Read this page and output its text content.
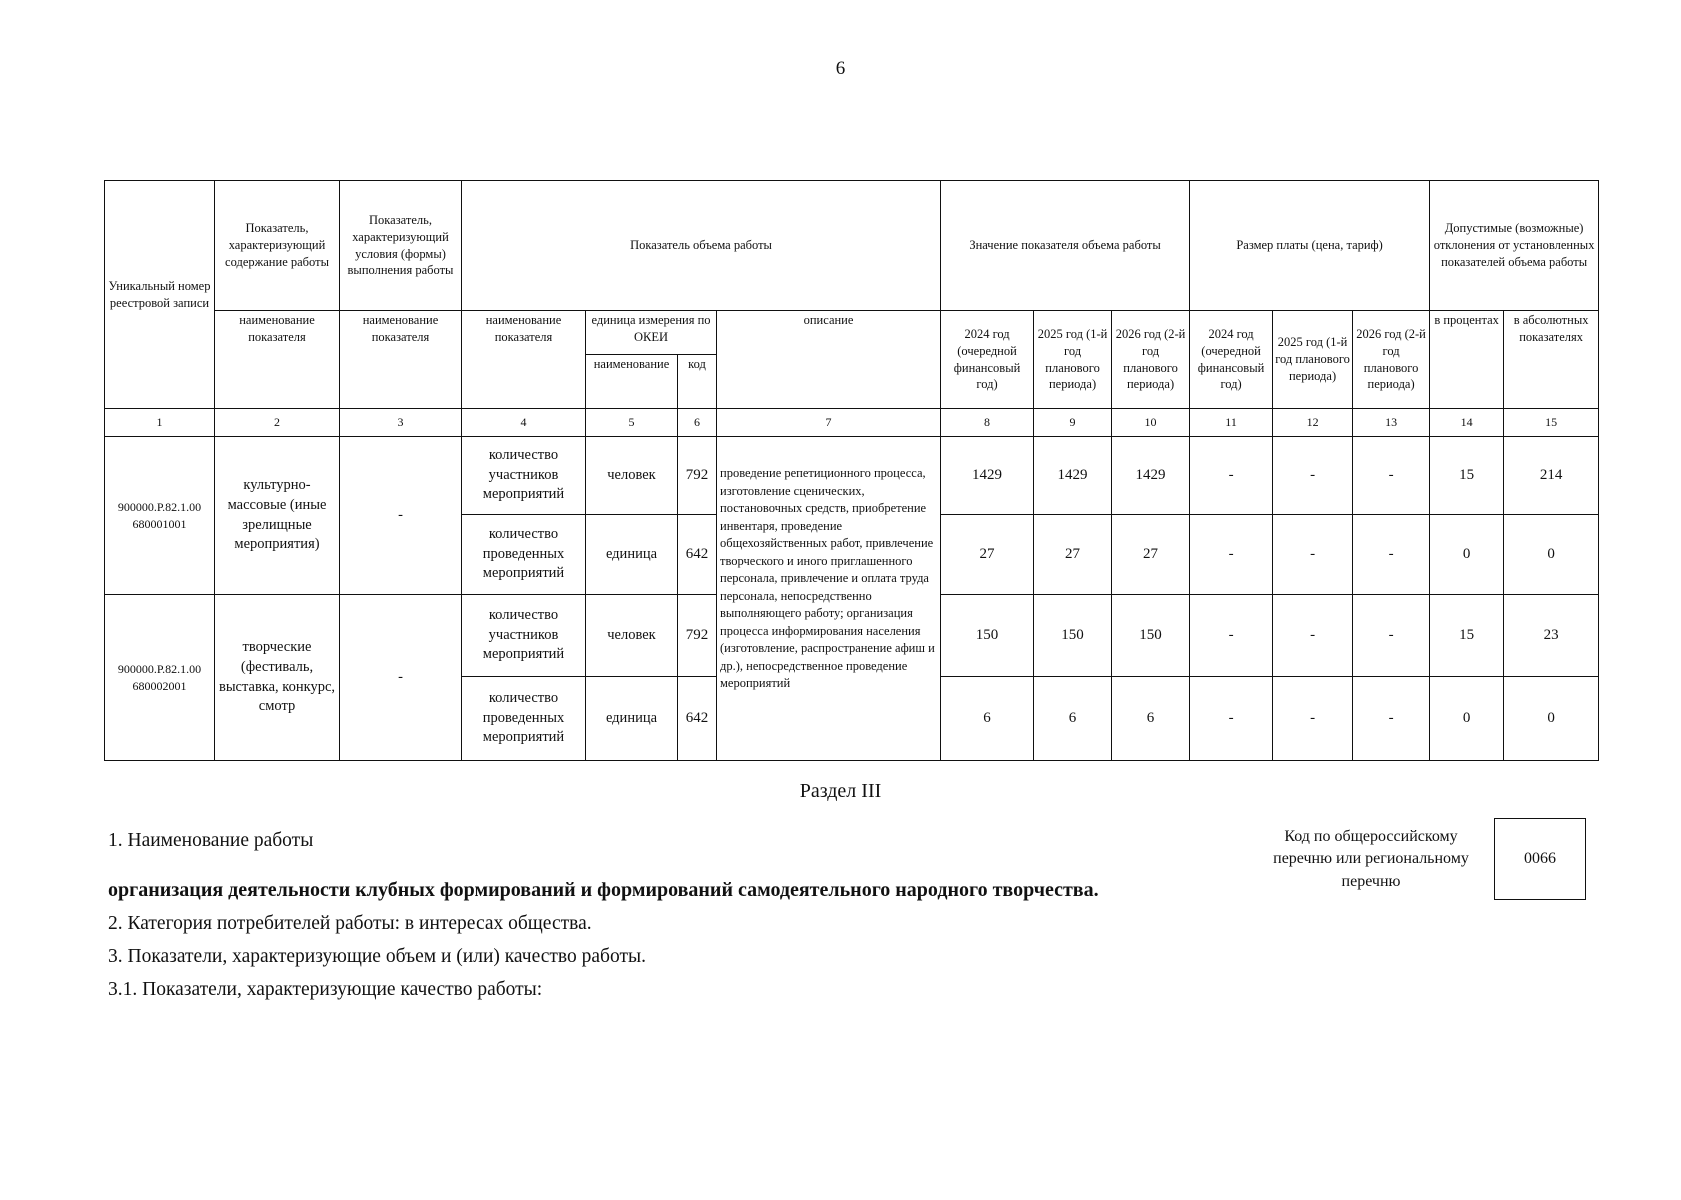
6
Уникальный номер реестровой записи	Показатель, характеризующий содержание работы	Показатель, характеризующий условия (формы) выполнения работы	Показатель объема работы				Значение показателя объема работы			Размер платы (цена, тариф)			Допустимые (возможные) отклонения от установленных показателей объема работы	
	наименование показателя	наименование показателя	наименование показателя	единица измерения по ОКЕИ		описание	2024 год (очередной финансовый год)	2025 год (1-й год планового периода)	2026 год (2-й год планового периода)	2024 год (очередной финансовый год)	2025 год (1-й год планового периода)	2026 год (2-й год планового периода)	в процентах	в абсолютных показателях
				наименование	код									
1	2	3	4	5	6	7	8	9	10	11	12	13	14	15
900000.Р.82.1.00 680001001	культурно-массовые (иные зрелищные мероприятия)	-	количество участников мероприятий	человек	792	проведение репетиционного процесса, изготовление сценических, постановочных средств, приобретение инвентаря, проведение общехозяйственных работ, привлечение творческого и иного приглашенного персонала, привлечение и оплата труда персонала, непосредственно выполняющего работу; организация процесса информирования населения (изготовление, распространение афиш и др.), непосредственное проведение мероприятий	1429	1429	1429	-	-	-	15	214
			количество проведенных мероприятий	единица	642		27	27	27	-	-	-	0	0
900000.Р.82.1.00 680002001	творческие (фестиваль, выставка, конкурс, смотр	-	количество участников мероприятий	человек	792		150	150	150	-	-	-	15	23
			количество проведенных мероприятий	единица	642		6	6	6	-	-	-	0	0
Раздел III
1. Наименование работы
организация деятельности клубных формирований и формирований самодеятельного народного творчества.
2. Категория потребителей работы: в интересах общества.
3. Показатели, характеризующие объем и (или) качество работы.
3.1. Показатели, характеризующие качество работы:
Код по общероссийскому перечню или региональному перечню
0066
